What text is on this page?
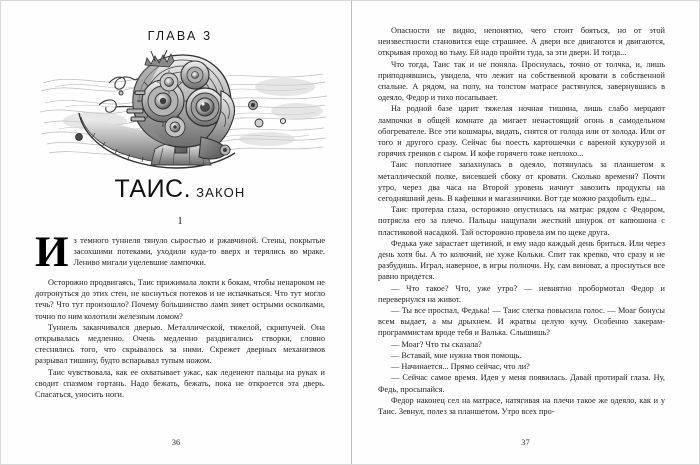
ГЛАВА 3
ТАИС. ЗАКОН
1

Из темного туннеля тянуло сыростью и ржавчиной. Стены, покрытые засохшими потеками, уходили куда-то вверх и терялись во мраке. Лениво мигали уцелевшие лампочки.

Осторожно продвигаясь, Таис прижимала локти к бокам, чтобы ненароком не дотронуться до этих стен, не коснуться потеков и не испачкаться. Что тут могло течь? Что тут произошло? Почему большинство ламп зияет острыми осколками, точно по ним колотили железным ломом?

Туннель заканчивался дверью. Металлической, тяжелой, скрипучей. Она открывалась медленно. Очень медленно раздвигались створки, словно стеснялись того, что скрывалось за ними. Скрежет дверных механизмов разрывал тишину, будто вспарывал тупым ножом.

Таис чувствовала, как ее охватывает ужас, как леденеют пальцы на руках и сводит спазмом гортань. Надо бежать, бежать, пока не откроется эта дверь. Спасаться, уносить ноги.

36

Опасности не видно, непонятно, чего стоит бояться, но от этой неизвестности становится еще страшнее. А двери все двигаются и двигаются, открывая проход во тьму. Ей надо пройти туда, за эти двери. И тогда...

Что тогда, Таис так и не поняла. Проснулась, точно от толчка, и, лишь приподнявшись, увидела, что лежит на собственной кровати в собственной спальне. А рядом, на полу, на толстом матрасе растянулся, завернувшись в одеяло, Федор и тихо посапывает.

На родной базе царит тяжелая ночная тишина, лишь слабо мерцают лампочки в общей комнате да мигает ненастоящий огонь в самодельном обогревателе. Все эти кошмары, видать, снятся от голода или от холода. Или от того и другого сразу. Сейчас бы поесть картошечки с вареной кукурузой и горячих гренков с сыром. И кофе горячего тоже неплохо...

Таис поплотнее запахнулась в одеяло, потянулась за планшетом к металлической полке, висевшей сбоку от кровати. Сколько времени? Почти утро, через два часа на Второй уровень начнут завозить продукты на сегодняшний день. В кафешки и магазинчики. Вот где можно раздобыть еды...

Таис протерла глаза, осторожно опустилась на матрас рядом с Федором, потрясла его за плечо. Пальцы нащупали жесткий шнурок от капюшона с пластиковой насадкой. Тай осторожно провела им по щеке друга.

Федька уже зарастает щетиной, и ему надо каждый день бриться. Или через день хотя бы. А то колючий, не хуже Кольки. Спит так крепко, что сразу и не разбудишь. Играл, наверное, в игры полночи. Ну, сам виноват, а проснуться все равно придется.

— Что такое? Что, уже утро? — невнятно пробормотал Федор и перевернулся на живот.

— Ты все проспал, Федька! — Таис слегка повысила голос. — Моаг бонусы всем выдает, а мы дрыхнем. И жратвы целую кучу. Особенно хакерам-программистам вроде тебя и Валька. Слышишь?

— Моаг? Что ты сказала?

— Вставай, мне нужна твоя помощь.

— Начинается... Прямо сейчас, что ли?

— Сейчас самое время. Идея у меня появилась. Давай протирай глаза. Ну, Федь, просыпайся.

Федор наконец сел на матрасе, натягивая на плечи такое же одеяло, как и у Таис. Зевнул, полез за планшетом. Утро всех про-

37
